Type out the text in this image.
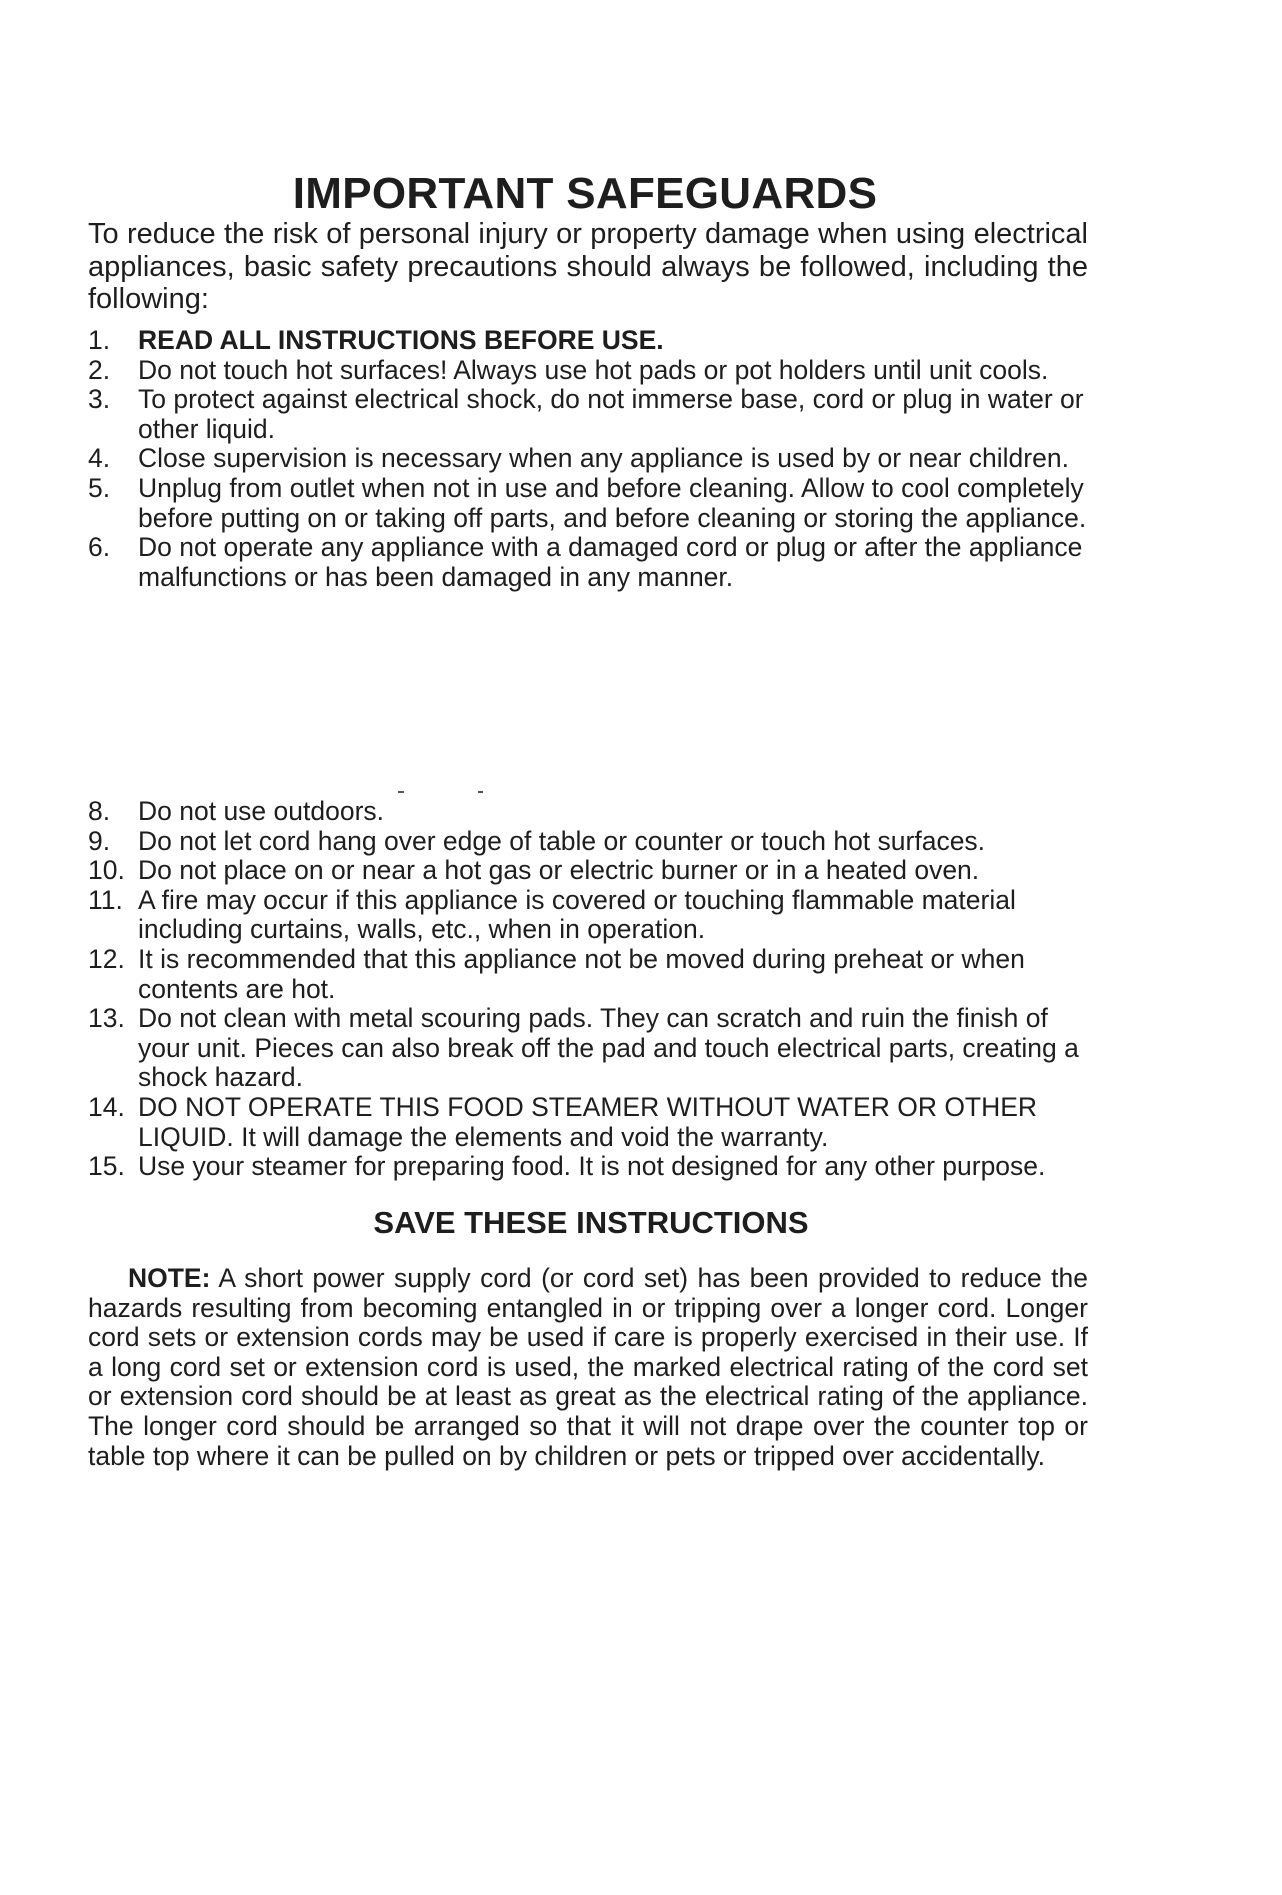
IMPORTANT SAFEGUARDS

To reduce the risk of personal injury or property damage when using electrical appliances, basic safety precautions should always be followed, including the following:

1.	READ ALL INSTRUCTIONS BEFORE USE.
2.	Do not touch hot surfaces! Always use hot pads or pot holders until unit cools.
3.	To protect against electrical shock, do not immerse base, cord or plug in water or other liquid.
4.	Close supervision is necessary when any appliance is used by or near children.
5.	Unplug from outlet when not in use and before cleaning. Allow to cool completely before putting on or taking off parts, and before cleaning or storing the appliance.
6.	Do not operate any appliance with a damaged cord or plug or after the appliance malfunctions or has been damaged in any manner.
8.	Do not use outdoors.
9.	Do not let cord hang over edge of table or counter or touch hot surfaces.
10. Do not place on or near a hot gas or electric burner or in a heated oven.
11. A fire may occur if this appliance is covered or touching flammable material including curtains, walls, etc., when in operation.
12. It is recommended that this appliance not be moved during preheat or when contents are hot.
13. Do not clean with metal scouring pads. They can scratch and ruin the finish of your unit. Pieces can also break off the pad and touch electrical parts, creating a shock hazard.
14. DO NOT OPERATE THIS FOOD STEAMER WITHOUT WATER OR OTHER LIQUID. It will damage the elements and void the warranty.
15. Use your steamer for preparing food. It is not designed for any other purpose.
SAVE THESE INSTRUCTIONS

NOTE: A short power supply cord (or cord set) has been provided to reduce the hazards resulting from becoming entangled in or tripping over a longer cord. Longer cord sets or extension cords may be used if care is properly exercised in their use. If a long cord set or extension cord is used, the marked electrical rating of the cord set or extension cord should be at least as great as the electrical rating of the appliance. The longer cord should be arranged so that it will not drape over the counter top or table top where it can be pulled on by children or pets or tripped over accidentally.
